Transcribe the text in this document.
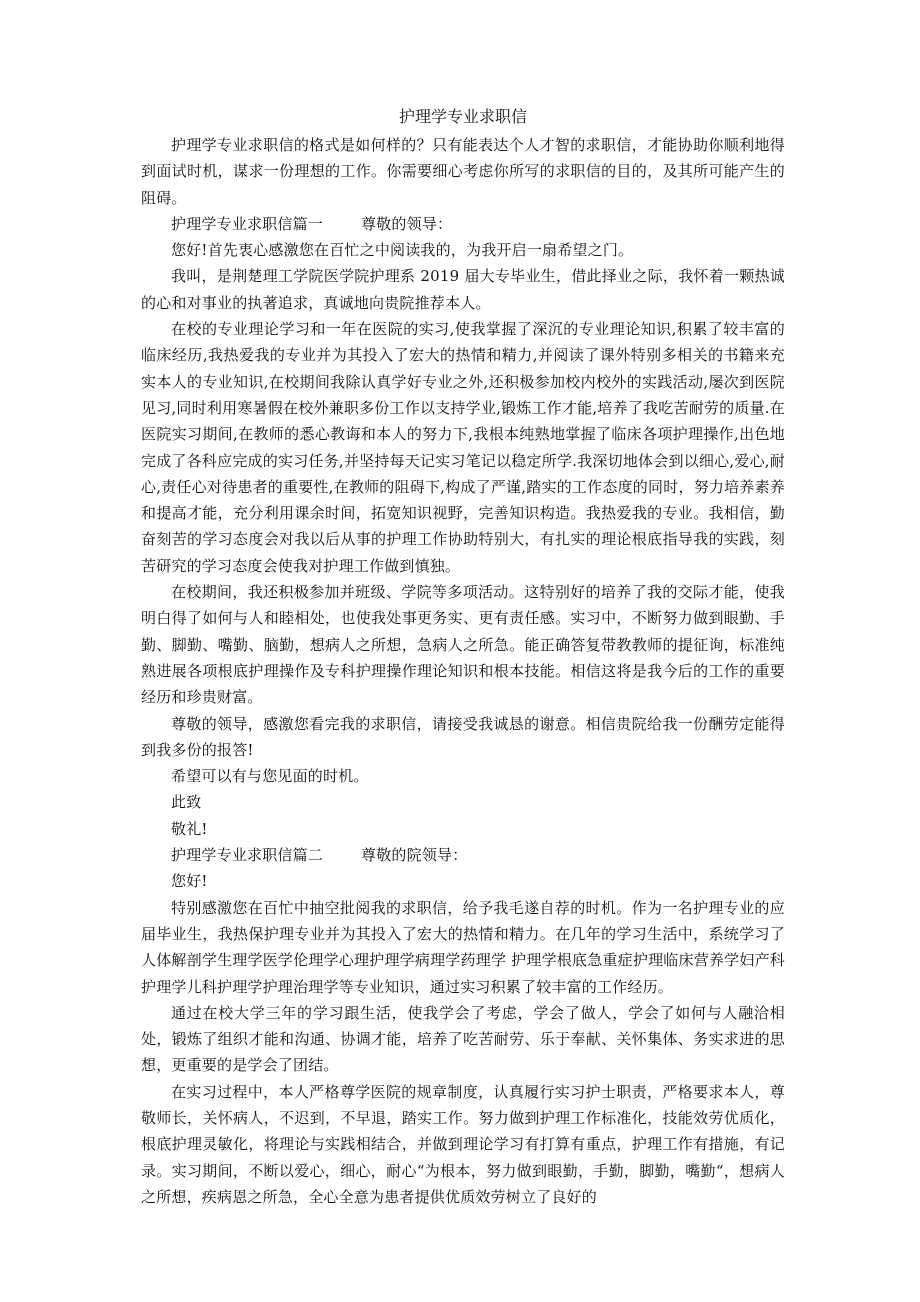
护理学专业求职信

护理学专业求职信的格式是如何样的？只有能表达个人才智的求职信，才能协助你顺利地得到面试时机，谋求一份理想的工作。你需要细心考虑你所写的求职信的目的，及其所可能产生的阻碍。

护理学专业求职信篇一	尊敬的领导：

您好!首先衷心感激您在百忙之中阅读我的，为我开启一扇希望之门。

我叫，是荆楚理工学院医学院护理系 2019 届大专毕业生，借此择业之际，我怀着一颗热诚的心和对事业的执著追求，真诚地向贵院推荐本人。

在校的专业理论学习和一年在医院的实习,使我掌握了深沉的专业理论知识,积累了较丰富的临床经历,我热爱我的专业并为其投入了宏大的热情和精力,并阅读了课外特别多相关的书籍来充实本人的专业知识,在校期间我除认真学好专业之外,还积极参加校内校外的实践活动,屡次到医院见习,同时利用寒暑假在校外兼职多份工作以支持学业,锻炼工作才能,培养了我吃苦耐劳的质量.在医院实习期间,在教师的悉心教诲和本人的努力下,我根本纯熟地掌握了临床各项护理操作,出色地完成了各科应完成的实习任务,并坚持每天记实习笔记以稳定所学.我深切地体会到以细心,爱心,耐心,责任心对待患者的重要性,在教师的阻碍下,构成了严谨,踏实的工作态度的同时，努力培养素养和提高才能，充分利用课余时间，拓宽知识视野，完善知识构造。我热爱我的专业。我相信，勤奋刻苦的学习态度会对我以后从事的护理工作协助特别大，有扎实的理论根底指导我的实践，刻苦研究的学习态度会使我对护理工作做到慎独。

在校期间，我还积极参加并班级、学院等多项活动。这特别好的培养了我的交际才能，使我明白得了如何与人和睦相处，也使我处事更务实、更有责任感。实习中，不断努力做到眼勤、手勤、脚勤、嘴勤、脑勤，想病人之所想，急病人之所急。能正确答复带教教师的提征询，标准纯熟进展各项根底护理操作及专科护理操作理论知识和根本技能。相信这将是我今后的工作的重要经历和珍贵财富。

尊敬的领导，感激您看完我的求职信，请接受我诚恳的谢意。相信贵院给我一份酬劳定能得到我多份的报答!

希望可以有与您见面的时机。

此致

敬礼!

护理学专业求职信篇二	尊敬的院领导：

您好!

特别感激您在百忙中抽空批阅我的求职信，给予我毛遂自荐的时机。作为一名护理专业的应届毕业生，我热保护理专业并为其投入了宏大的热情和精力。在几年的学习生活中，系统学习了人体解剖学生理学医学伦理学心理护理学病理学药理学 护理学根底急重症护理临床营养学妇产科护理学儿科护理学护理治理学等专业知识，通过实习积累了较丰富的工作经历。

通过在校大学三年的学习跟生活，使我学会了考虑，学会了做人，学会了如何与人融洽相处，锻炼了组织才能和沟通、协调才能，培养了吃苦耐劳、乐于奉献、关怀集体、务实求进的思想，更重要的是学会了团结。

在实习过程中，本人严格尊学医院的规章制度，认真履行实习护士职责，严格要求本人，尊敬师长，关怀病人，不迟到，不早退，踏实工作。努力做到护理工作标准化，技能效劳优质化，根底护理灵敏化，将理论与实践相结合，并做到理论学习有打算有重点，护理工作有措施，有记录。实习期间，不断以爱心，细心，耐心“为根本，努力做到眼勤，手勤，脚勤，嘴勤“，想病人之所想，疾病恩之所急，全心全意为患者提供优质效劳树立了良好的
